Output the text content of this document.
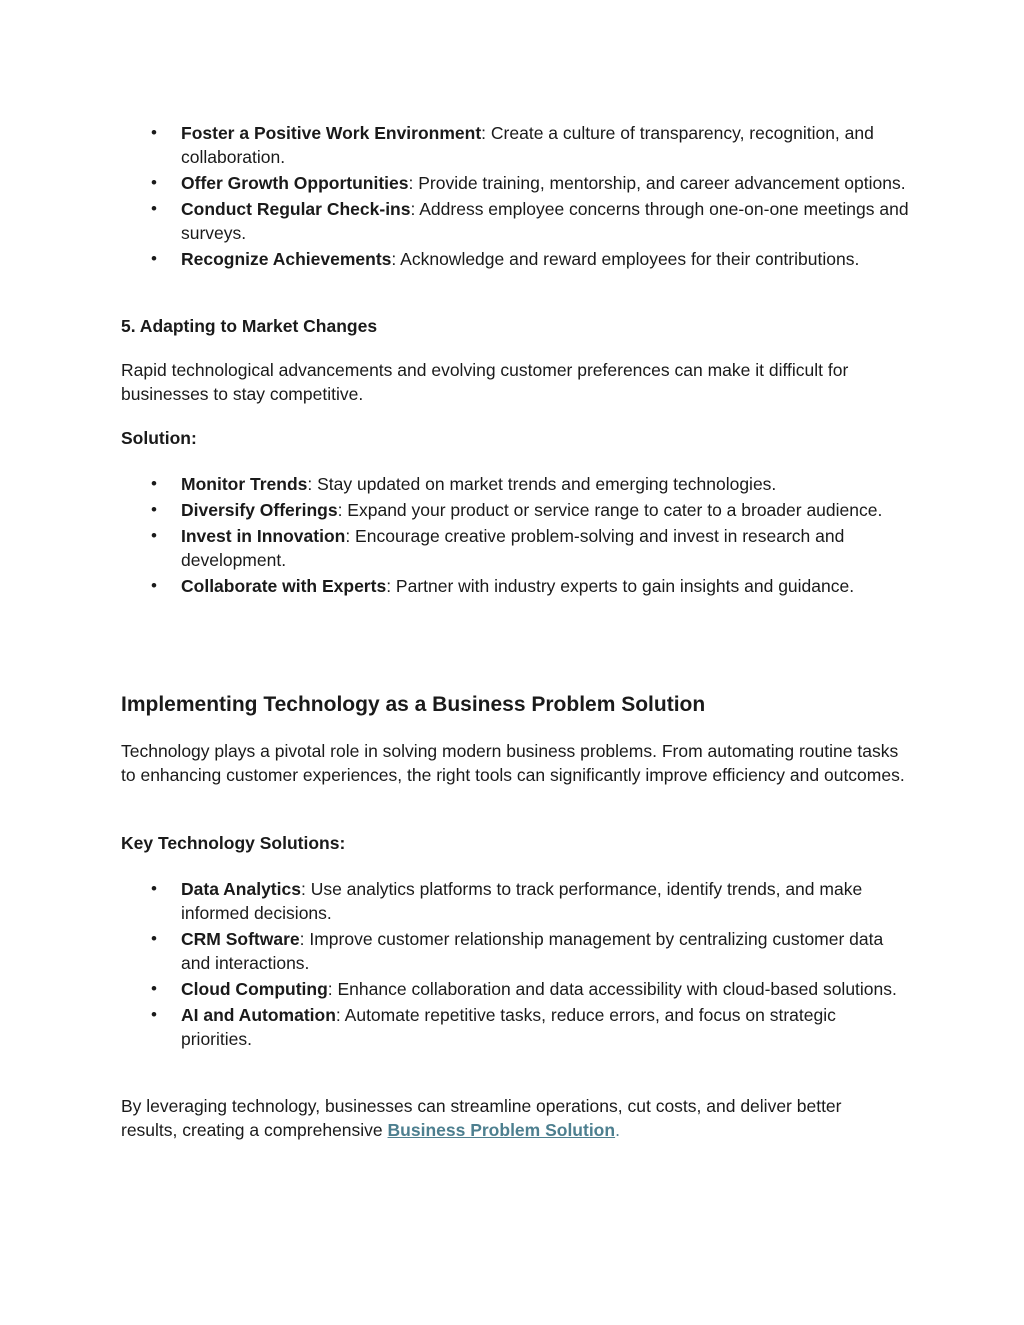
• Foster a Positive Work Environment: Create a culture of transparency, recognition, and collaboration.
• Offer Growth Opportunities: Provide training, mentorship, and career advancement options.
• Conduct Regular Check-ins: Address employee concerns through one-on-one meetings and surveys.
• Recognize Achievements: Acknowledge and reward employees for their contributions.

5. Adapting to Market Changes

Rapid technological advancements and evolving customer preferences can make it difficult for businesses to stay competitive.

Solution:

• Monitor Trends: Stay updated on market trends and emerging technologies.
• Diversify Offerings: Expand your product or service range to cater to a broader audience.
• Invest in Innovation: Encourage creative problem-solving and invest in research and development.
• Collaborate with Experts: Partner with industry experts to gain insights and guidance.
Implementing Technology as a Business Problem Solution

Technology plays a pivotal role in solving modern business problems. From automating routine tasks to enhancing customer experiences, the right tools can significantly improve efficiency and outcomes.

Key Technology Solutions:

• Data Analytics: Use analytics platforms to track performance, identify trends, and make informed decisions.
• CRM Software: Improve customer relationship management by centralizing customer data and interactions.
• Cloud Computing: Enhance collaboration and data accessibility with cloud-based solutions.
• AI and Automation: Automate repetitive tasks, reduce errors, and focus on strategic priorities.

By leveraging technology, businesses can streamline operations, cut costs, and deliver better results, creating a comprehensive Business Problem Solution.
